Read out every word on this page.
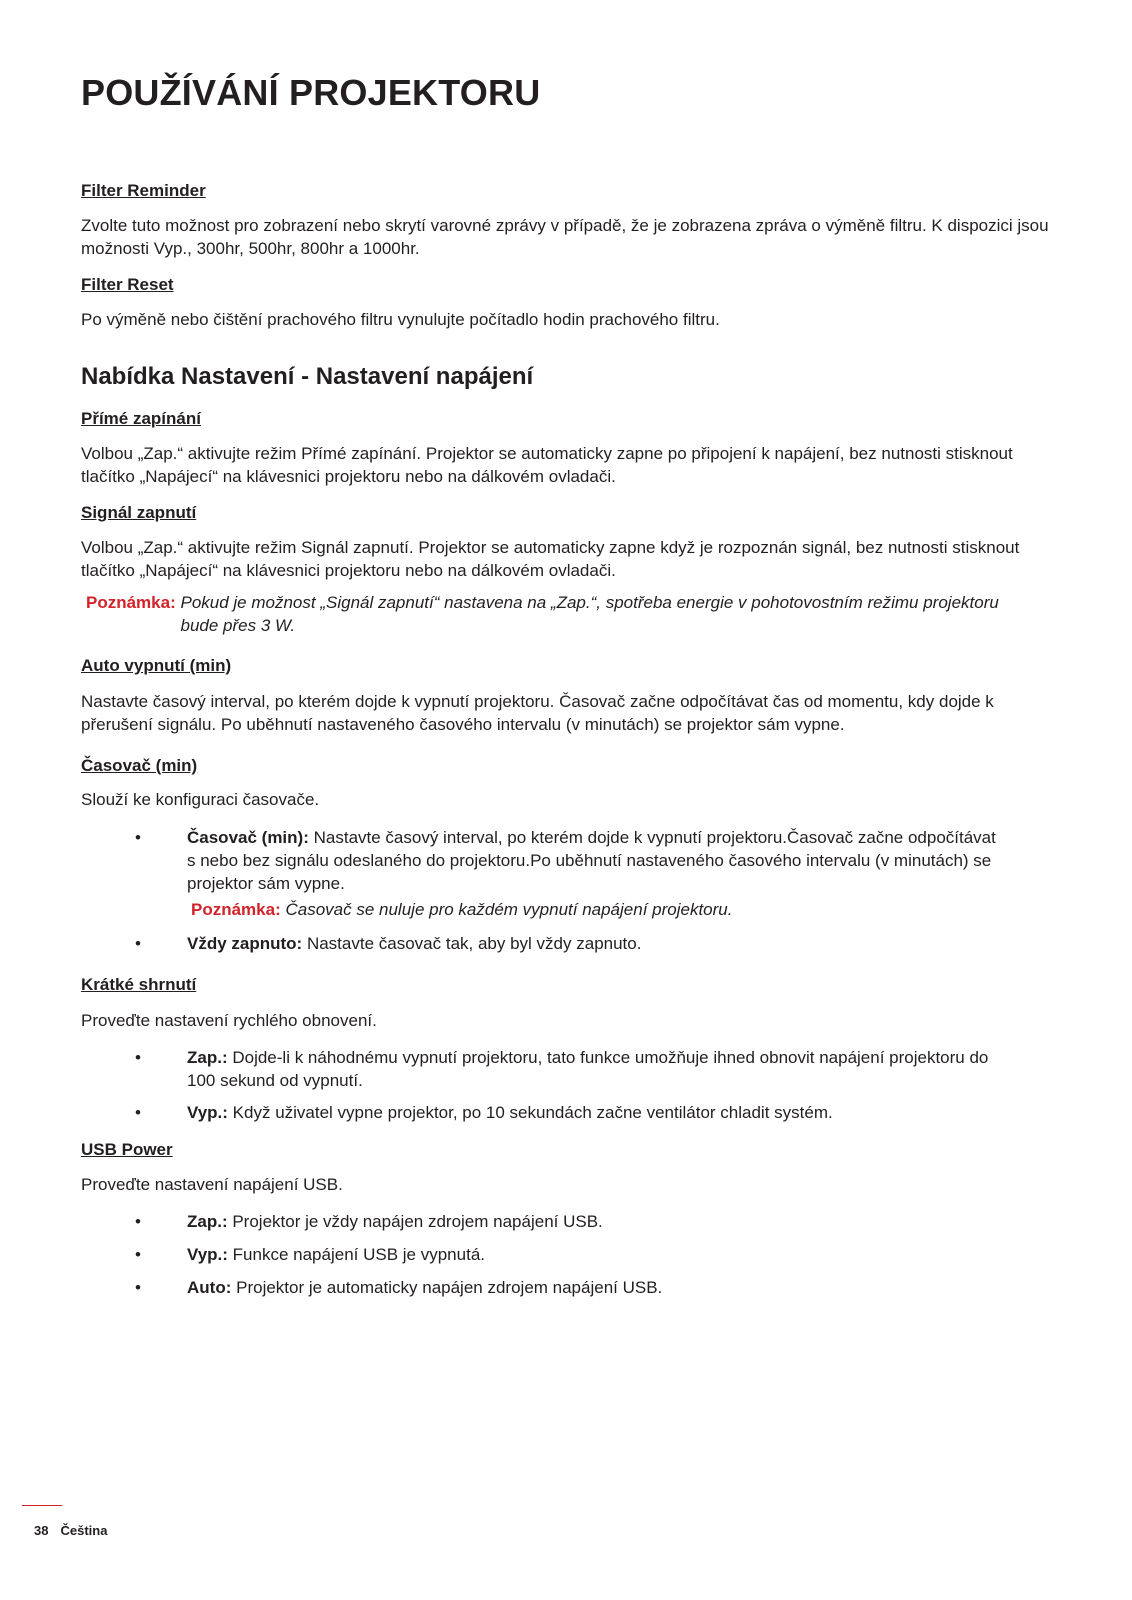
POUŽÍVÁNÍ PROJEKTORU
Filter Reminder

Zvolte tuto možnost pro zobrazení nebo skrytí varovné zprávy v případě, že je zobrazena zpráva o výměně filtru. K dispozici jsou možnosti Vyp., 300hr, 500hr, 800hr a 1000hr.

Filter Reset

Po výměně nebo čištění prachového filtru vynulujte počítadlo hodin prachového filtru.

Nabídka Nastavení - Nastavení napájení
Přímé zapínání

Volbou „Zap.“ aktivujte režim Přímé zapínání. Projektor se automaticky zapne po připojení k napájení, bez nutnosti stisknout tlačítko „Napájecí“ na klávesnici projektoru nebo na dálkovém ovladači.

Signál zapnutí

Volbou „Zap.“ aktivujte režim Signál zapnutí. Projektor se automaticky zapne když je rozpoznán signál, bez nutnosti stisknout tlačítko „Napájecí“ na klávesnici projektoru nebo na dálkovém ovladači.

Poznámka: Pokud je možnost „Signál zapnutí“ nastavena na „Zap.“, spotřeba energie v pohotovostním režimu projektoru bude přes 3 W.
Auto vypnutí (min)

Nastavte časový interval, po kterém dojde k vypnutí projektoru. Časovač začne odpočítávat čas od momentu, kdy dojde k přerušení signálu. Po uběhnutí nastaveného časového intervalu (v minutách) se projektor sám vypne.

Časovač (min)

Slouží ke konfiguraci časovače.

•	Časovač (min): Nastavte časový interval, po kterém dojde k vypnutí projektoru.Časovač začne odpočítávat s nebo bez signálu odeslaného do projektoru.Po uběhnutí nastaveného časového intervalu (v minutách) se projektor sám vypne.

Poznámka: Časovač se nuluje pro každém vypnutí napájení projektoru.
•	Vždy zapnuto: Nastavte časovač tak, aby byl vždy zapnuto.

Krátké shrnutí

Proveďte nastavení rychlého obnovení.

•	Zap.: Dojde-li k náhodnému vypnutí projektoru, tato funkce umožňuje ihned obnovit napájení projektoru do 100 sekund od vypnutí.

•	Vyp.: Když uživatel vypne projektor, po 10 sekundách začne ventilátor chladit systém.

USB Power

Proveďte nastavení napájení USB.

•	Zap.: Projektor je vždy napájen zdrojem napájení USB.

•	Vyp.: Funkce napájení USB je vypnutá.

•	Auto: Projektor je automaticky napájen zdrojem napájení USB.

38 Čeština
